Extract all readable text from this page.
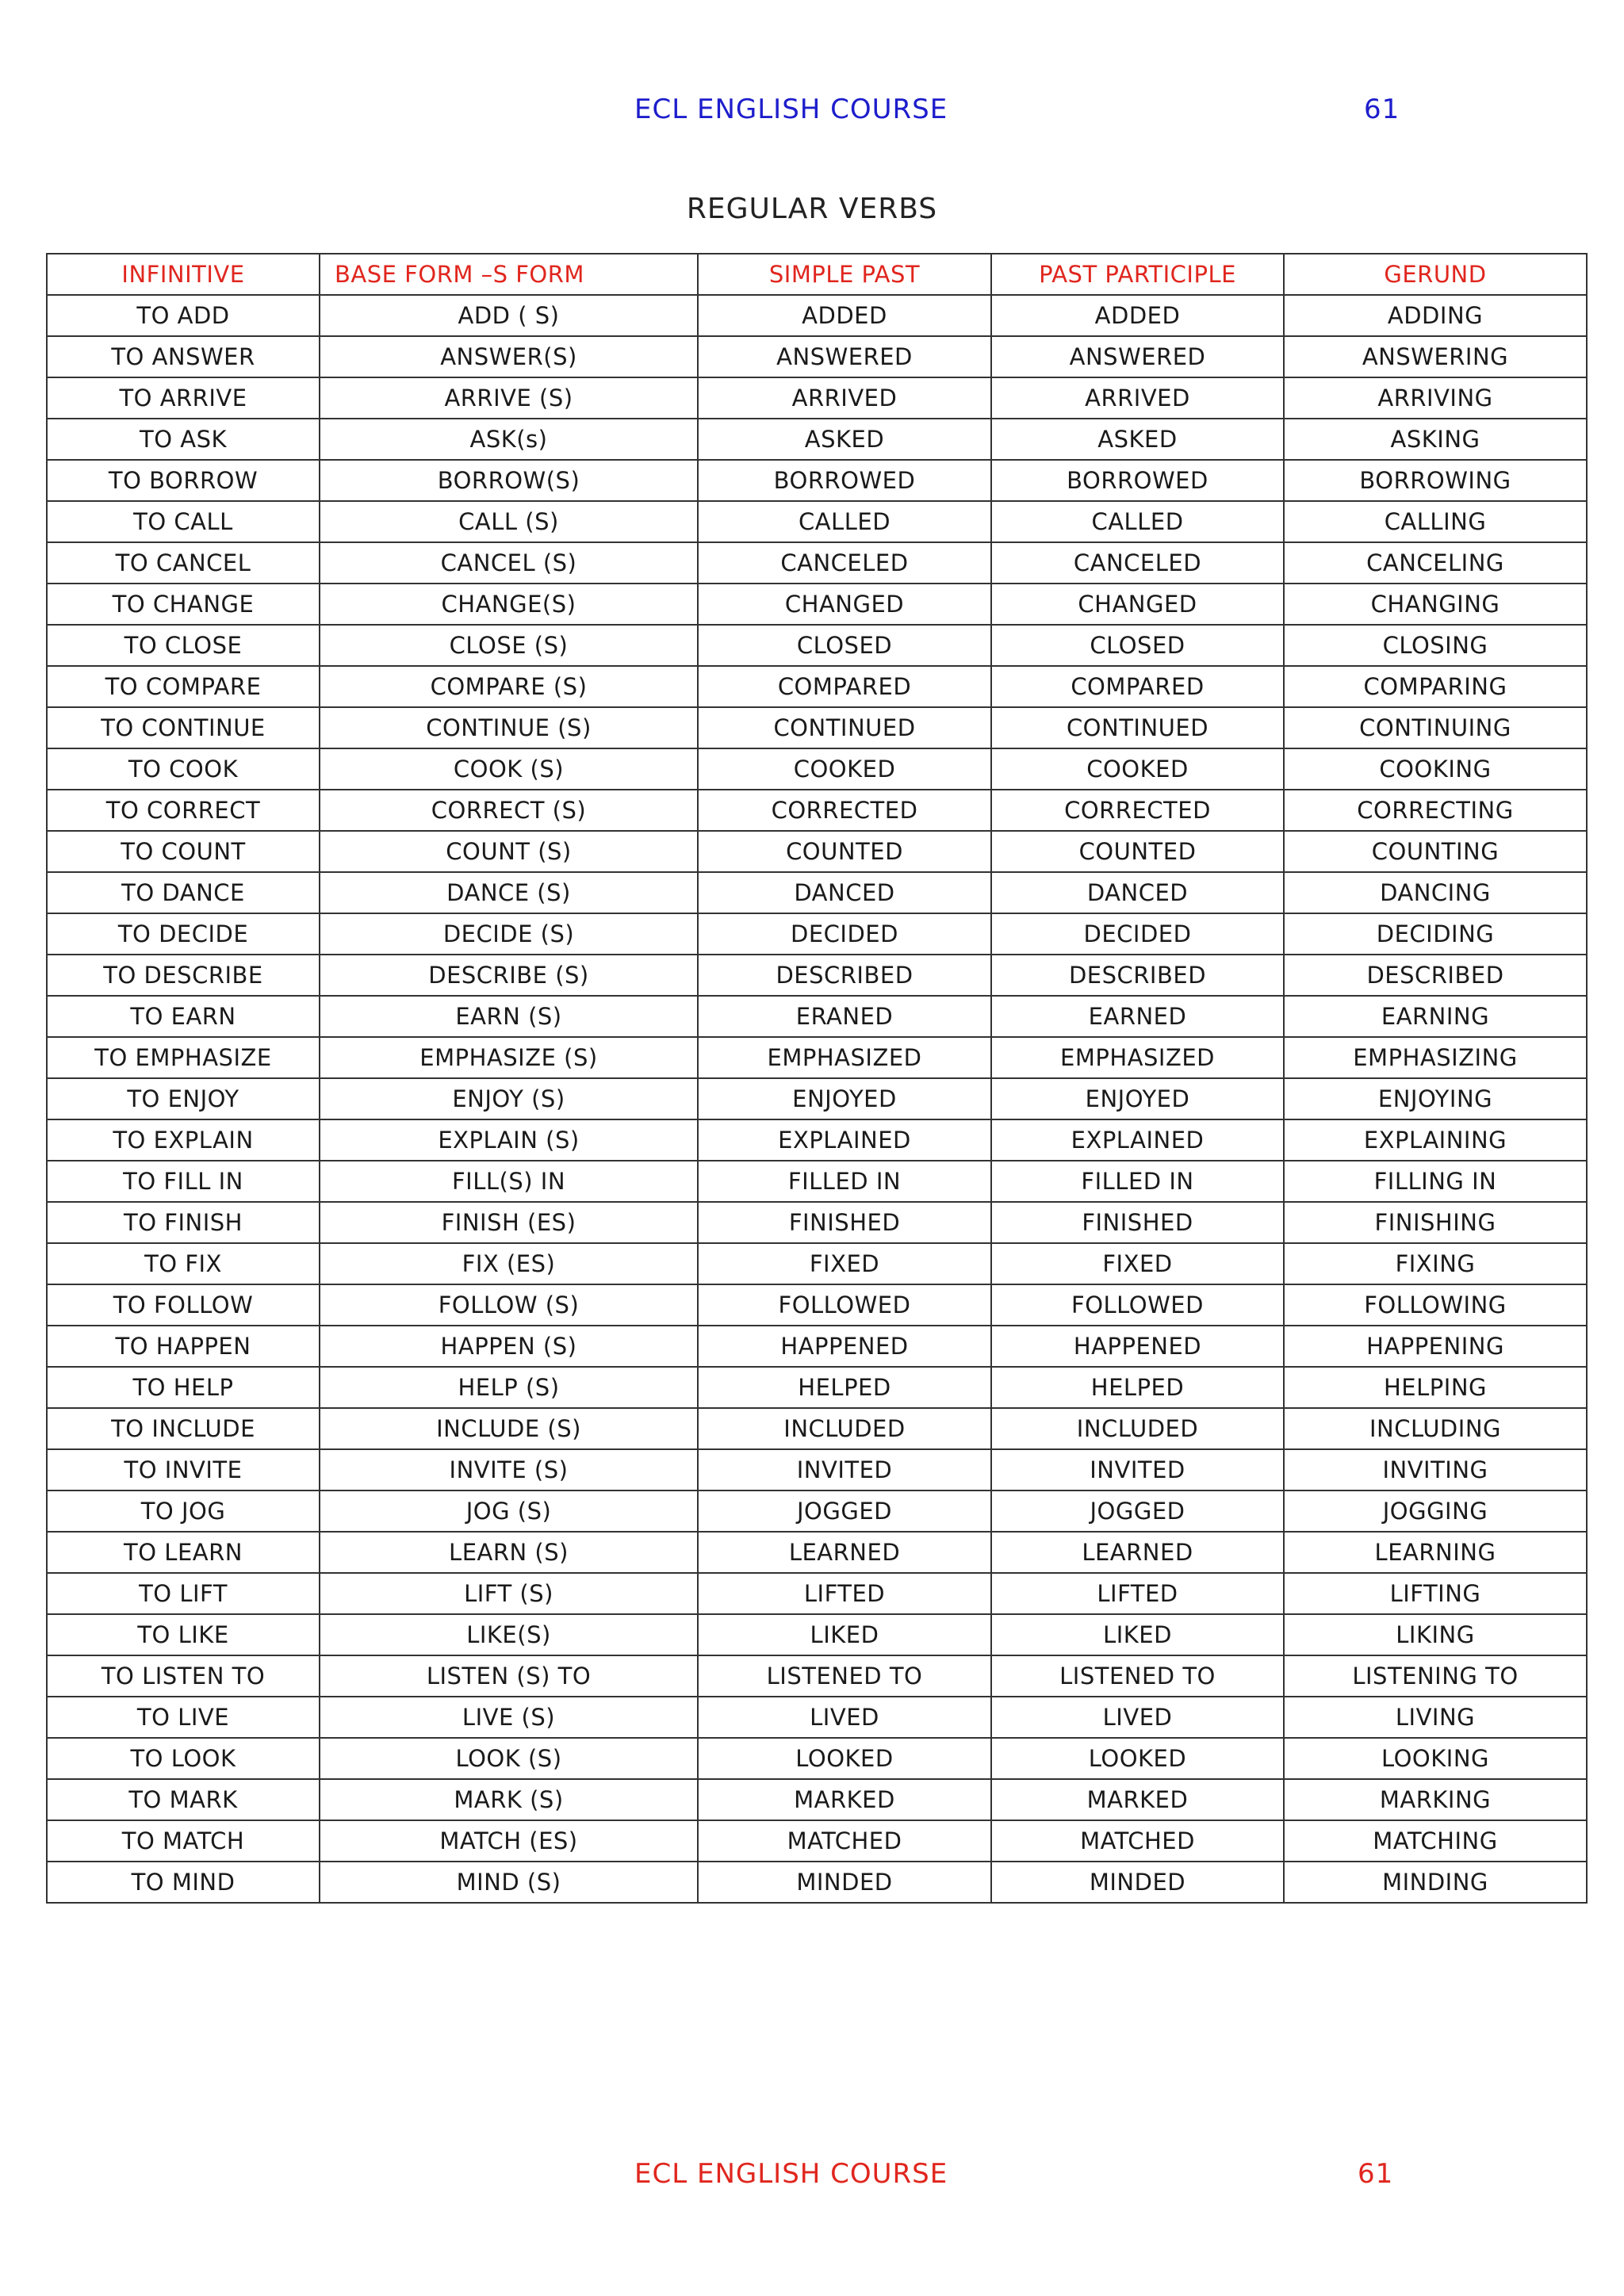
ECL ENGLISH COURSE	61
REGULAR VERBS
INFINITIVE	BASE FORM –S FORM	SIMPLE PAST	PAST PARTICIPLE	GERUND
TO ADD	ADD ( S)	ADDED	ADDED	ADDING
TO ANSWER	ANSWER(S)	ANSWERED	ANSWERED	ANSWERING
TO ARRIVE	ARRIVE (S)	ARRIVED	ARRIVED	ARRIVING
TO ASK	ASK(s)	ASKED	ASKED	ASKING
TO BORROW	BORROW(S)	BORROWED	BORROWED	BORROWING
TO CALL	CALL (S)	CALLED	CALLED	CALLING
TO CANCEL	CANCEL (S)	CANCELED	CANCELED	CANCELING
TO CHANGE	CHANGE(S)	CHANGED	CHANGED	CHANGING
TO CLOSE	CLOSE (S)	CLOSED	CLOSED	CLOSING
TO COMPARE	COMPARE (S)	COMPARED	COMPARED	COMPARING
TO CONTINUE	CONTINUE (S)	CONTINUED	CONTINUED	CONTINUING
TO COOK	COOK (S)	COOKED	COOKED	COOKING
TO CORRECT	CORRECT (S)	CORRECTED	CORRECTED	CORRECTING
TO COUNT	COUNT (S)	COUNTED	COUNTED	COUNTING
TO DANCE	DANCE (S)	DANCED	DANCED	DANCING
TO DECIDE	DECIDE (S)	DECIDED	DECIDED	DECIDING
TO DESCRIBE	DESCRIBE (S)	DESCRIBED	DESCRIBED	DESCRIBED
TO EARN	EARN (S)	ERANED	EARNED	EARNING
TO EMPHASIZE	EMPHASIZE (S)	EMPHASIZED	EMPHASIZED	EMPHASIZING
TO ENJOY	ENJOY (S)	ENJOYED	ENJOYED	ENJOYING
TO EXPLAIN	EXPLAIN (S)	EXPLAINED	EXPLAINED	EXPLAINING
TO FILL IN	FILL(S) IN	FILLED IN	FILLED IN	FILLING IN
TO FINISH	FINISH (ES)	FINISHED	FINISHED	FINISHING
TO FIX	FIX (ES)	FIXED	FIXED	FIXING
TO FOLLOW	FOLLOW (S)	FOLLOWED	FOLLOWED	FOLLOWING
TO HAPPEN	HAPPEN (S)	HAPPENED	HAPPENED	HAPPENING
TO HELP	HELP (S)	HELPED	HELPED	HELPING
TO INCLUDE	INCLUDE (S)	INCLUDED	INCLUDED	INCLUDING
TO INVITE	INVITE (S)	INVITED	INVITED	INVITING
TO JOG	JOG (S)	JOGGED	JOGGED	JOGGING
TO LEARN	LEARN (S)	LEARNED	LEARNED	LEARNING
TO LIFT	LIFT (S)	LIFTED	LIFTED	LIFTING
TO LIKE	LIKE(S)	LIKED	LIKED	LIKING
TO LISTEN TO	LISTEN (S) TO	LISTENED TO	LISTENED TO	LISTENING TO
TO LIVE	LIVE (S)	LIVED	LIVED	LIVING
TO LOOK	LOOK (S)	LOOKED	LOOKED	LOOKING
TO MARK	MARK (S)	MARKED	MARKED	MARKING
TO MATCH	MATCH (ES)	MATCHED	MATCHED	MATCHING
TO MIND	MIND (S)	MINDED	MINDED	MINDING
ECL ENGLISH COURSE	61
